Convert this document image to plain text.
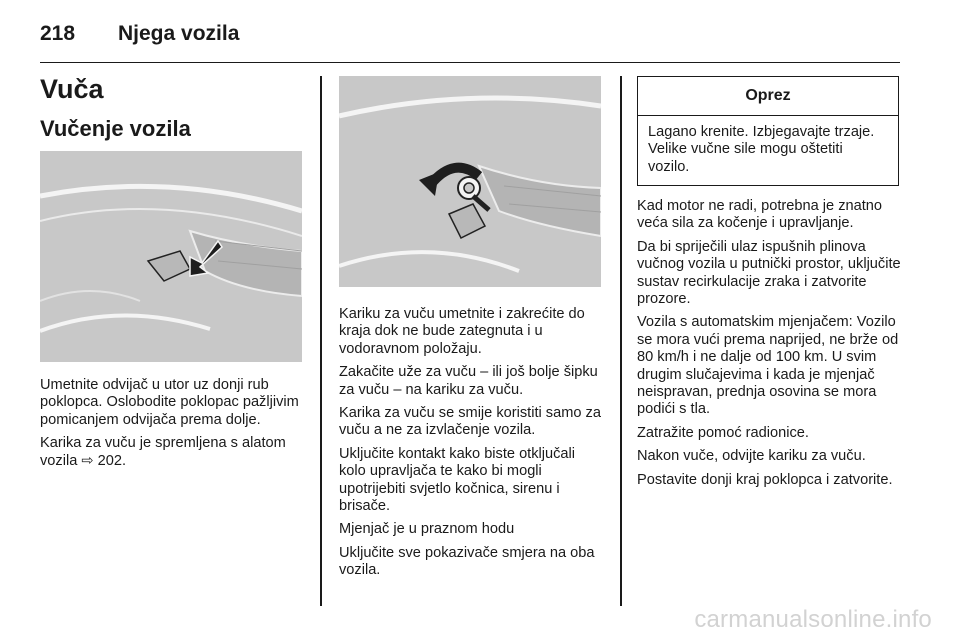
218 Njega vozila
Vuča
Vučenje vozila

Umetnite odvijač u utor uz donji rub poklopca. Oslobodite poklopac pažljivim pomicanjem odvijača prema dolje.

Karika za vuču je spremljena s alatom vozila ⇨ 202.

Kariku za vuču umetnite i zakrećite do kraja dok ne bude zategnuta i u vodoravnom položaju.

Zakačite uže za vuču – ili još bolje šipku za vuču – na kariku za vuču.

Karika za vuču se smije koristiti samo za vuču a ne za izvlačenje vozila.

Uključite kontakt kako biste otključali kolo upravljača te kako bi mogli upotrijebiti svjetlo kočnica, sirenu i brisače.

Mjenjač je u praznom hodu

Uključite sve pokazivače smjera na oba vozila.

Oprez
Lagano krenite. Izbjegavajte trzaje. Velike vučne sile mogu oštetiti vozilo.

Kad motor ne radi, potrebna je znatno veća sila za kočenje i upravljanje.

Da bi spriječili ulaz ispušnih plinova vučnog vozila u putnički prostor, uključite sustav recirkulacije zraka i zatvorite prozore.

Vozila s automatskim mjenjačem: Vozilo se mora vući prema naprijed, ne brže od 80 km/h i ne dalje od 100 km. U svim drugim slučajevima i kada je mjenjač neispravan, prednja osovina se mora podići s tla.

Zatražite pomoć radionice.

Nakon vuče, odvijte kariku za vuču.

Postavite donji kraj poklopca i zatvorite.

carmanualsonline.info
